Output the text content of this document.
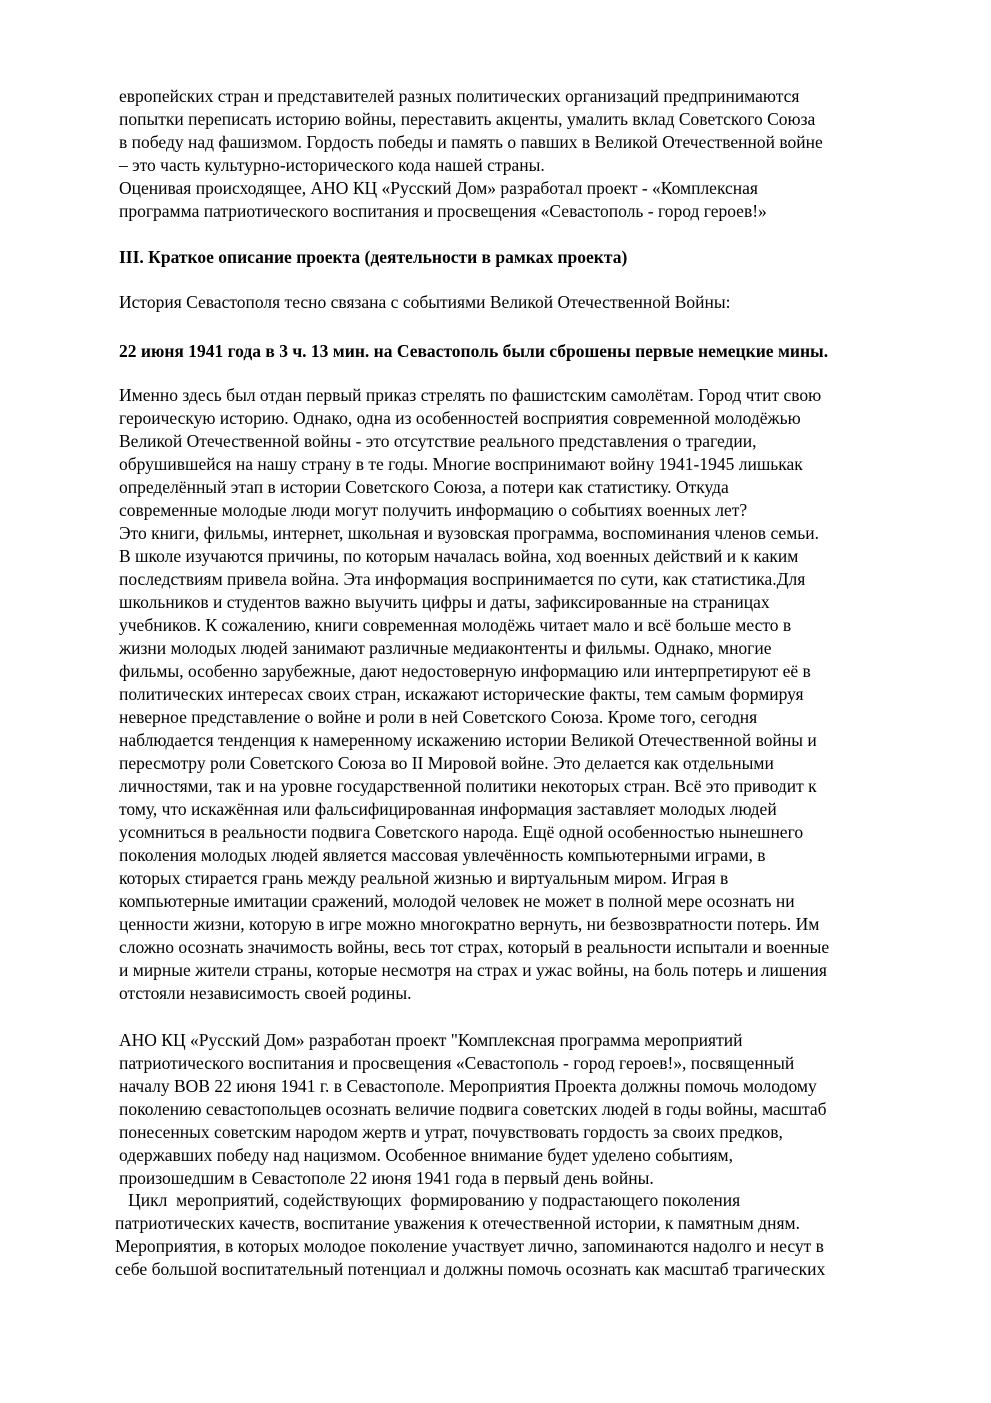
европейских стран и представителей разных политических организаций предпринимаются
попытки переписать историю войны, переставить акценты, умалить вклад Советского Союза
в победу над фашизмом. Гордость победы и память о павших в Великой Отечественной войне
– это часть культурно-исторического кода нашей страны.
Оценивая происходящее, АНО КЦ «Русский Дом» разработал проект - «Комплексная
программа патриотического воспитания и просвещения «Севастополь - город героев!»
III. Краткое описание проекта (деятельности в рамках проекта)
История Севастополя тесно связана с событиями Великой Отечественной Войны:
22 июня 1941 года в 3 ч. 13 мин. на Севастополь были сброшены первые немецкие мины.
Именно здесь был отдан первый приказ стрелять по фашистским самолётам. Город чтит свою
героическую историю. Однако, одна из особенностей восприятия современной молодёжью
Великой Отечественной войны - это отсутствие реального представления о трагедии,
обрушившейся на нашу страну в те годы. Многие воспринимают войну 1941-1945 лишькак
определённый этап в истории Советского Союза, а потери как статистику. Откуда
современные молодые люди могут получить информацию о событиях военных лет?
Это книги, фильмы, интернет, школьная и вузовская программа, воспоминания членов семьи.
В школе изучаются причины, по которым началась война, ход военных действий и к каким
последствиям привела война. Эта информация воспринимается по сути, как статистика.Для
школьников и студентов важно выучить цифры и даты, зафиксированные на страницах
учебников. К сожалению, книги современная молодёжь читает мало и всё больше место в
жизни молодых людей занимают различные медиаконтенты и фильмы. Однако, многие
фильмы, особенно зарубежные, дают недостоверную информацию или интерпретируют её в
политических интересах своих стран, искажают исторические факты, тем самым формируя
неверное представление о войне и роли в ней Советского Союза. Кроме того, сегодня
наблюдается тенденция к намеренному искажению истории Великой Отечественной войны и
пересмотру роли Советского Союза во II Мировой войне. Это делается как отдельными
личностями, так и на уровне государственной политики некоторых стран. Всё это приводит к
тому, что искажённая или фальсифицированная информация заставляет молодых людей
усомниться в реальности подвига Советского народа. Ещё одной особенностью нынешнего
поколения молодых людей является массовая увлечённость компьютерными играми, в
которых стирается грань между реальной жизнью и виртуальным миром. Играя в
компьютерные имитации сражений, молодой человек не может в полной мере осознать ни
ценности жизни, которую в игре можно многократно вернуть, ни безвозвратности потерь. Им
сложно осознать значимость войны, весь тот страх, который в реальности испытали и военные
и мирные жители страны, которые несмотря на страх и ужас войны, на боль потерь и лишения
отстояли независимость своей родины.
АНО КЦ «Русский Дом» разработан проект "Комплексная программа мероприятий
патриотического воспитания и просвещения «Севастополь - город героев!», посвященный
началу ВОВ 22 июня 1941 г. в Севастополе. Мероприятия Проекта должны помочь молодому
поколению севастопольцев осознать величие подвига советских людей в годы войны, масштаб
понесенных советским народом жертв и утрат, почувствовать гордость за своих предков,
одержавших победу над нацизмом. Особенное внимание будет уделено событиям,
произошедшим в Севастополе 22 июня 1941 года в первый день войны.
Цикл  мероприятий, содействующих  формированию у подрастающего поколения
патриотических качеств, воспитание уважения к отечественной истории, к памятным дням.
Мероприятия, в которых молодое поколение участвует лично, запоминаются надолго и несут в
себе большой воспитательный потенциал и должны помочь осознать как масштаб трагических
